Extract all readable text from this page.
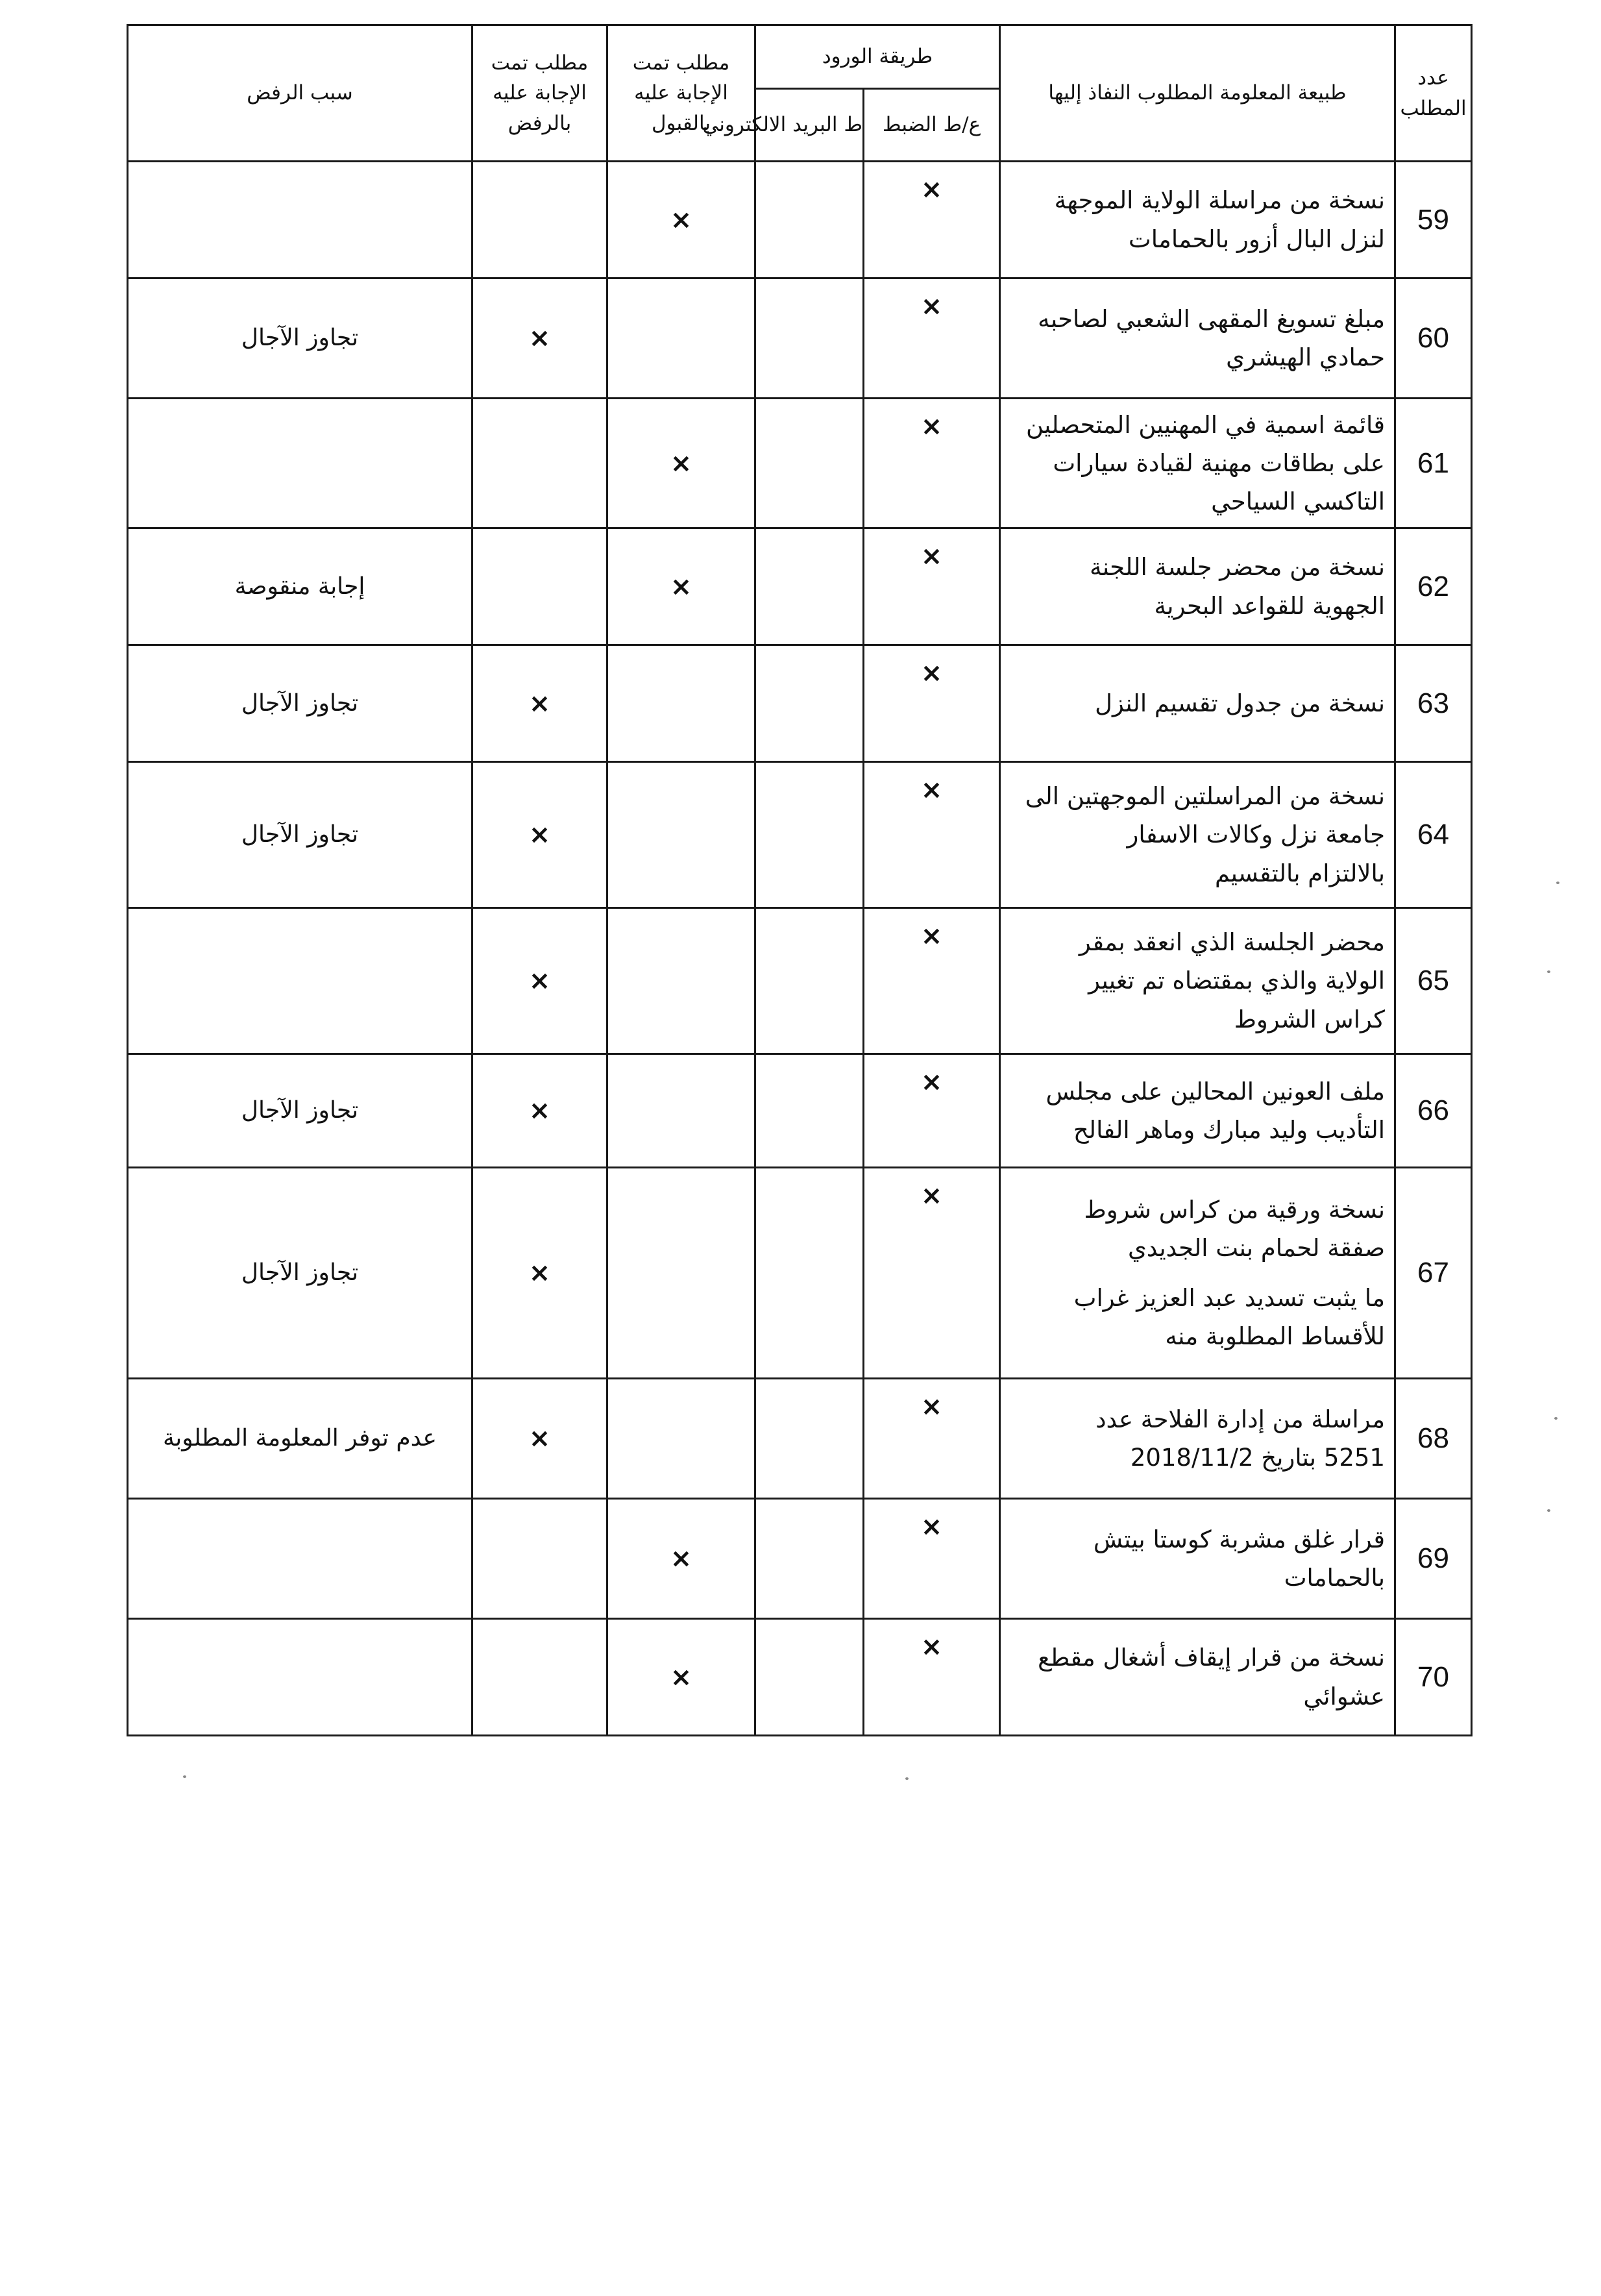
عدد المطلب	طبيعة المعلومة المطلوب النفاذ إليها	طريقة الورود		مطلب تمت الإجابة عليه بالقبول	مطلب تمت الإجابة عليه بالرفض	سبب الرفض
		ع/ط الضبط	ط البريد الالكتروني			
59	نسخة من مراسلة الولاية الموجهة
لنزل البال أزور بالحمامات	×		×		
60	مبلغ تسويغ المقهى الشعبي لصاحبه
حمادي الهيشري	×			×	تجاوز الآجال
61	قائمة اسمية في المهنيين المتحصلين
على بطاقات مهنية لقيادة سيارات
التاكسي السياحي	×		×		
62	نسخة من محضر جلسة اللجنة
الجهوية للقواعد البحرية	×		×		إجابة منقوصة
63	نسخة من جدول تقسيم النزل	×			×	تجاوز الآجال
64	نسخة من المراسلتين الموجهتين الى
جامعة نزل وكالات الاسفار
بالالتزام بالتقسيم	×			×	تجاوز الآجال
65	محضر الجلسة الذي انعقد بمقر
الولاية والذي بمقتضاه تم تغيير
كراس الشروط	×			×	
66	ملف العونين المحالين على مجلس
التأديب وليد مبارك وماهر الفالح	×			×	تجاوز الآجال
67	نسخة ورقية من كراس شروط
صفقة لحمام بنت الجديدي
ما يثبت تسديد عبد العزيز غراب
للأقساط المطلوبة منه	×			×	تجاوز الآجال
68	مراسلة من إدارة الفلاحة عدد
5251 بتاريخ 2018/11/2	×			×	عدم توفر المعلومة المطلوبة
69	قرار غلق مشربة كوستا بيتش
بالحمامات	×		×		
70	نسخة من قرار إيقاف أشغال مقطع
عشوائي	×		×		
